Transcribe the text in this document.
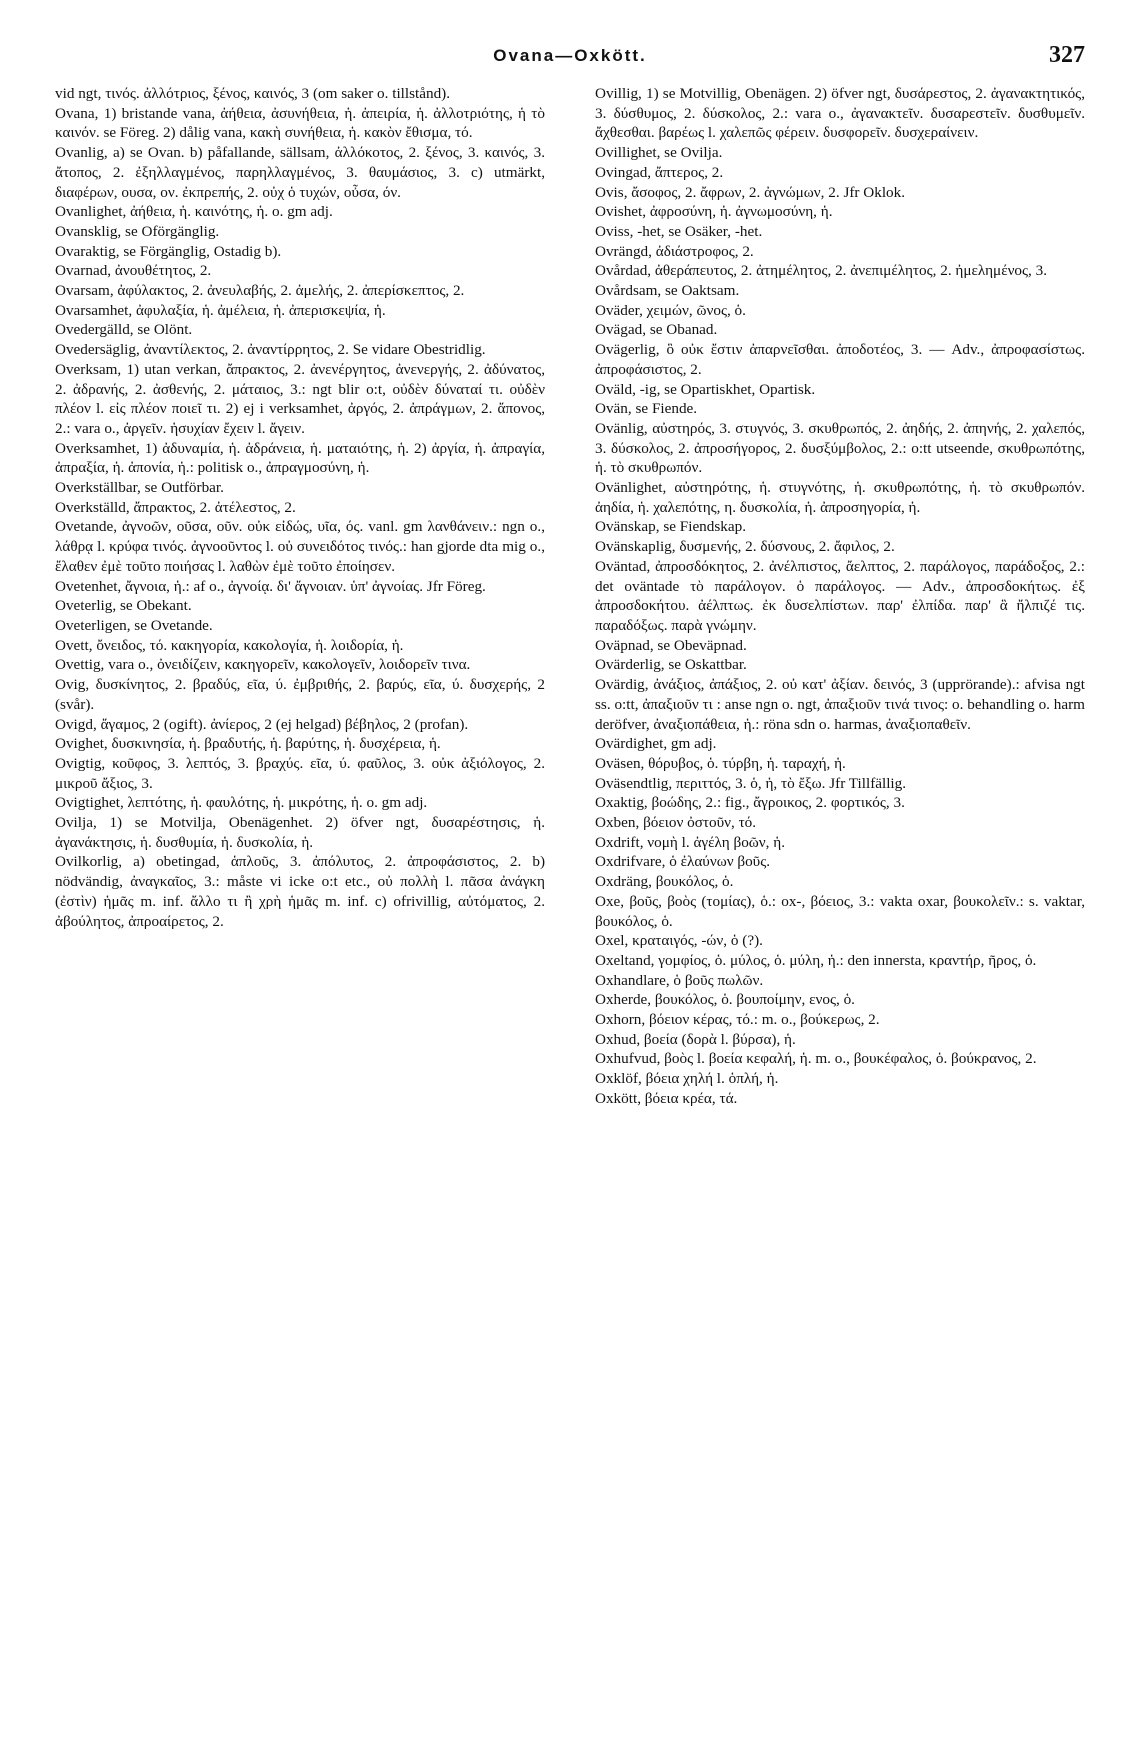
Ovana—Oxkött.	327

vid ngt, τινός. ἀλλότριος, ξένος, καινός, 3 (om saker o. tillstånd).

Ovana, 1) bristande vana, ἀήθεια, ἀσυνήθεια, ἡ. ἀπειρία, ἡ. ἀλλοτριότης, ἡ τὸ καινόν. se Föreg. 2) dålig vana, κακὴ συνήθεια, ἡ. κακὸν ἔθισμα, τό.

Ovanlig, a) se Ovan. b) påfallande, sällsam, ἀλλόκοτος, 2. ξένος, 3. καινός, 3. ἄτοπος, 2. ἐξηλλαγμένος, παρηλλαγμένος, 3. θαυμάσιος, 3. c) utmärkt, διαφέρων, ουσα, ον. ἐκπρεπής, 2. οὐχ ὁ τυχών, οὖσα, όν.

Ovanlighet, ἀήθεια, ἡ. καινότης, ἡ. o. gm adj.

Ovansklig, se Oförgänglig.

Ovaraktig, se Förgänglig, Ostadig b).

Ovarnad, ἀνουθέτητος, 2.

Ovarsam, ἀφύλακτος, 2. ἀνευλαβής, 2. ἀμελής, 2. ἀπερίσκεπτος, 2.

Ovarsamhet, ἀφυλαξία, ἡ. ἀμέλεια, ἡ. ἀπερισκεψία, ἡ.

Ovedergälld, se Olönt.

Ovedersäglig, ἀναντίλεκτος, 2. ἀναντίρρητος, 2. Se vidare Obestridlig.

Overksam, 1) utan verkan, ἄπρακτος, 2. ἀνενέργητος, ἀνενεργής, 2. ἀδύνατος, 2. ἀδρανής, 2. ἀσθενής, 2. μάταιος, 3.: ngt blir o:t, οὐδὲν δύναταί τι. οὐδὲν πλέον l. εἰς πλέον ποιεῖ τι. 2) ej i verksamhet, ἀργός, 2. ἀπράγμων, 2. ἄπονος, 2.: vara o., ἀργεῖν. ἡσυχίαν ἔχειν l. ἄγειν.

Overksamhet, 1) ἀδυναμία, ἡ. ἀδράνεια, ἡ. ματαιότης, ἡ. 2) ἀργία, ἡ. ἀπραγία, ἀπραξία, ἡ. ἀπονία, ἡ.: politisk o., ἀπραγμοσύνη, ἡ.

Overkställbar, se Outförbar.

Overkställd, ἄπρακτος, 2. ἀτέλεστος, 2.

Ovetande, ἀγνοῶν, οῦσα, οῦν. οὐκ εἰδώς, υῖα, ός. vanl. gm λανθάνειν.: ngn o., λάθρᾳ l. κρύφα τινός. ἀγνοοῦντος l. οὐ συνειδότος τινός.: han gjorde dta mig o., ἔλαθεν ἐμὲ τοῦτο ποιήσας l. λαθὼν ἐμὲ τοῦτο ἐποίησεν.

Ovetenhet, ἄγνοια, ἡ.: af o., ἀγνοίᾳ. δι' ἄγνοιαν. ὑπ' ἀγνοίας. Jfr Föreg.

Oveterlig, se Obekant.

Oveterligen, se Ovetande.

Ovett, ὄνειδος, τό. κακηγορία, κακολογία, ἡ. λοιδορία, ἡ.

Ovettig, vara o., ὀνειδίζειν, κακηγορεῖν, κακολογεῖν, λοιδορεῖν τινα.

Ovig, δυσκίνητος, 2. βραδύς, εῖα, ύ. ἐμβριθής, 2. βαρύς, εῖα, ύ. δυσχερής, 2 (svår).

Ovigd, ἄγαμος, 2 (ogift). ἀνίερος, 2 (ej helgad) βέβηλος, 2 (profan).

Ovighet, δυσκινησία, ἡ. βραδυτής, ἡ. βαρύτης, ἡ. δυσχέρεια, ἡ.

Ovigtig, κοῦφος, 3. λεπτός, 3. βραχύς. εῖα, ύ. φαῦλος, 3. οὐκ ἀξιόλογος, 2. μικροῦ ἄξιος, 3.

Ovigtighet, λεπτότης, ἡ. φαυλότης, ἡ. μικρότης, ἡ. o. gm adj.

Ovilja, 1) se Motvilja, Obenägenhet. 2) öfver ngt, δυσαρέστησις, ἡ. ἀγανάκτησις, ἡ. δυσθυμία, ἡ. δυσκολία, ἡ.

Ovilkorlig, a) obetingad, ἁπλοῦς, 3. ἀπόλυτος, 2. ἀπροφάσιστος, 2. b) nödvändig, ἀναγκαῖος, 3.: måste vi icke o:t etc., οὐ πολλὴ l. πᾶσα ἀνάγκη (ἐστὶν) ἡμᾶς m. inf. ἄλλο τι ἢ χρὴ ἡμᾶς m. inf. c) ofrivillig, αὐτόματος, 2. ἀβούλητος, ἀπροαίρετος, 2.

Ovillig, 1) se Motvillig, Obenägen. 2) öfver ngt, δυσάρεστος, 2. ἀγανακτητικός, 3. δύσθυμος, 2. δύσκολος, 2.: vara o., ἀγανακτεῖν. δυσαρεστεῖν. δυσθυμεῖν. ἄχθεσθαι. βαρέως l. χαλεπῶς φέρειν. δυσφορεῖν. δυσχεραίνειν.

Ovillighet, se Ovilja.

Ovingad, ἄπτερος, 2.

Ovis, ἄσοφος, 2. ἄφρων, 2. ἀγνώμων, 2. Jfr Oklok.

Ovishet, ἀφροσύνη, ἡ. ἀγνωμοσύνη, ἡ.

Oviss, -het, se Osäker, -het.

Ovrängd, ἀδιάστροφος, 2.

Ovårdad, ἀθεράπευτος, 2. ἀτημέλητος, 2. ἀνεπιμέλητος, 2. ἠμελημένος, 3.

Ovårdsam, se Oaktsam.

Oväder, χειμών, ῶνος, ὁ.

Ovägad, se Obanad.

Ovägerlig, ὃ οὐκ ἔστιν ἀπαρνεῖσθαι. ἀποδοτέος, 3. — Adv., ἀπροφασίστως. ἀπροφάσιστος, 2.

Oväld, -ig, se Opartiskhet, Opartisk.

Ovän, se Fiende.

Ovänlig, αὐστηρός, 3. στυγνός, 3. σκυθρωπός, 2. ἀηδής, 2. ἀπηνής, 2. χαλεπός, 3. δύσκολος, 2. ἀπροσήγορος, 2. δυσξύμβολος, 2.: o:tt utseende, σκυθρωπότης, ἡ. τὸ σκυθρωπόν.

Ovänlighet, αὐστηρότης, ἡ. στυγνότης, ἡ. σκυθρωπότης, ἡ. τὸ σκυθρωπόν. ἀηδία, ἡ. χαλεπότης, η. δυσκολία, ἡ. ἀπροσηγορία, ἡ.

Ovänskap, se Fiendskap.

Ovänskaplig, δυσμενής, 2. δύσνους, 2. ἄφιλος, 2.

Oväntad, ἀπροσδόκητος, 2. ἀνέλπιστος, ἄελπτος, 2. παράλογος, παράδοξος, 2.: det oväntade τὸ παράλογον. ὁ παράλογος. — Adv., ἀπροσδοκήτως. ἐξ ἀπροσδοκήτου. ἀέλπτως. ἐκ δυσελπίστων. παρ' ἐλπίδα. παρ' ἃ ἤλπιζέ τις. παραδόξως. παρὰ γνώμην.

Oväpnad, se Obeväpnad.

Ovärderlig, se Oskattbar.

Ovärdig, ἀνάξιος, ἀπάξιος, 2. οὐ κατ' ἀξίαν. δεινός, 3 (upprörande).: afvisa ngt ss. o:tt, ἀπαξιοῦν τι : anse ngn o. ngt, ἀπαξιοῦν τινά τινος: o. behandling o. harm deröfver, ἀναξιοπάθεια, ἡ.: röna sdn o. harmas, ἀναξιοπαθεῖν.

Ovärdighet, gm adj.

Oväsen, θόρυβος, ὁ. τύρβη, ἡ. ταραχή, ἡ.

Oväsendtlig, περιττός, 3. ὁ, ἡ, τὸ ἔξω. Jfr Tillfällig.

Oxaktig, βοώδης, 2.: fig., ἄγροικος, 2. φορτικός, 3.

Oxben, βόειον ὀστοῦν, τό.

Oxdrift, νομὴ l. ἀγέλη βοῶν, ἡ.

Oxdrifvare, ὁ ἐλαύνων βοῦς.

Oxdräng, βουκόλος, ὁ.

Oxe, βοῦς, βοὸς (τομίας), ὁ.: ox-, βόειος, 3.: vakta oxar, βουκολεῖν.: s. vaktar, βουκόλος, ὁ.

Oxel, κραταιγός, -ών, ὁ (?).

Oxeltand, γομφίος, ὁ. μύλος, ὁ. μύλη, ἡ.: den innersta, κραντήρ, ῆρος, ὁ.

Oxhandlare, ὁ βοῦς πωλῶν.

Oxherde, βουκόλος, ὁ. βουποίμην, ενος, ὁ.

Oxhorn, βόειον κέρας, τό.: m. o., βούκερως, 2.

Oxhud, βοεία (δορὰ l. βύρσα), ἡ.

Oxhufvud, βοὸς l. βοεία κεφαλή, ἡ. m. o., βουκέφαλος, ὁ. βούκρανος, 2.

Oxklöf, βόεια χηλή l. ὁπλή, ἡ.

Oxkött, βόεια κρέα, τά.
